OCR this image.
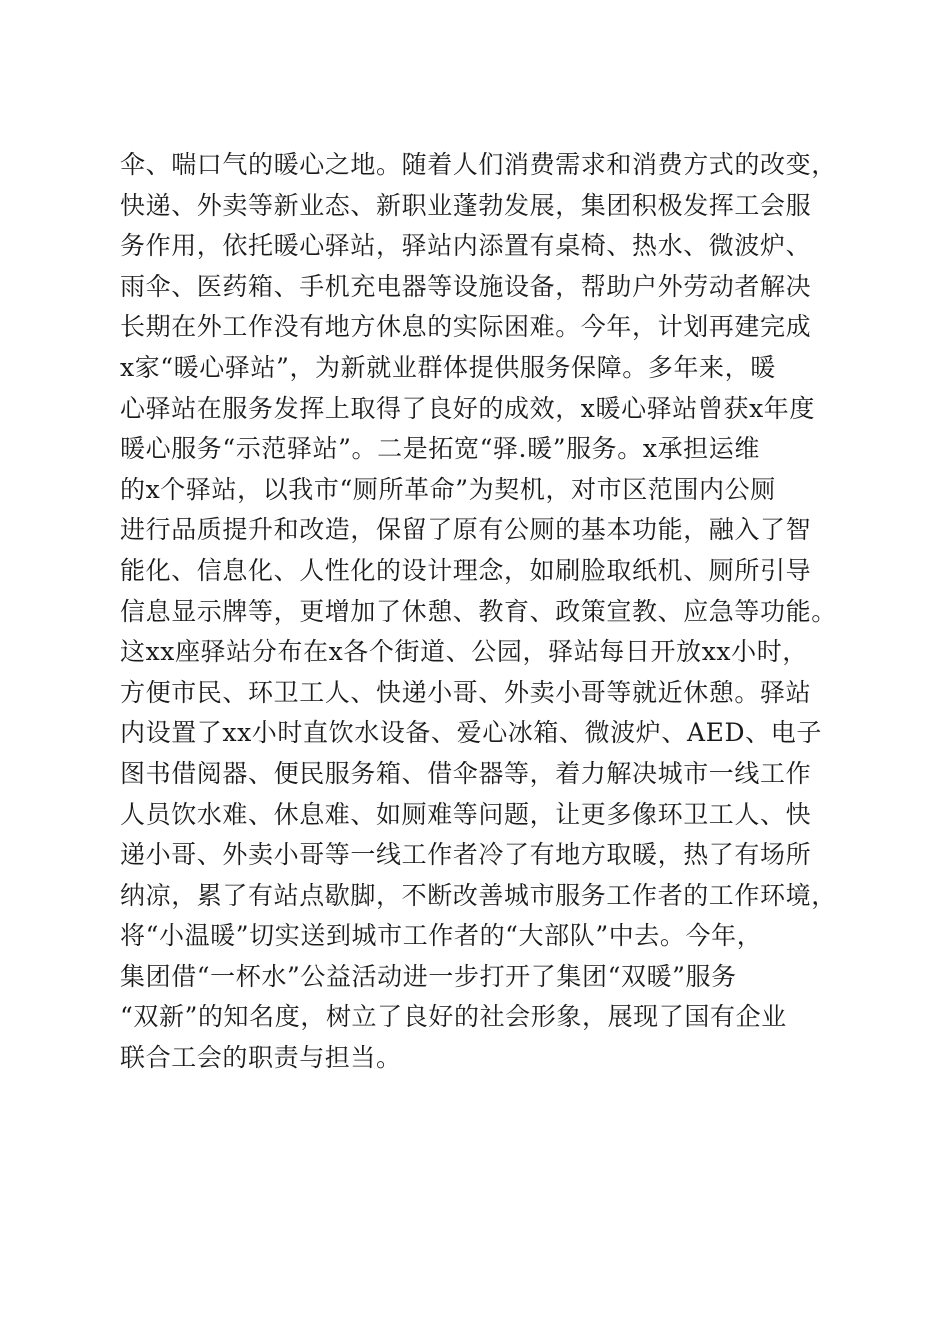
伞、喘口气的暖心之地。随着人们消费需求和消费方式的改变，
快递、外卖等新业态、新职业蓬勃发展，集团积极发挥工会服
务作用，依托暖心驿站，驿站内添置有桌椅、热水、微波炉、
雨伞、医药箱、手机充电器等设施设备，帮助户外劳动者解决
长期在外工作没有地方休息的实际困难。今年，计划再建完成
x家“暖心驿站”，为新就业群体提供服务保障。多年来，暖
心驿站在服务发挥上取得了良好的成效，x暖心驿站曾获x年度
暖心服务“示范驿站”。二是拓宽“驿.暖”服务。x承担运维
的x个驿站，以我市“厕所革命”为契机，对市区范围内公厕
进行品质提升和改造，保留了原有公厕的基本功能，融入了智
能化、信息化、人性化的设计理念，如刷脸取纸机、厕所引导
信息显示牌等，更增加了休憩、教育、政策宣教、应急等功能。
这xx座驿站分布在x各个街道、公园，驿站每日开放xx小时，
方便市民、环卫工人、快递小哥、外卖小哥等就近休憩。驿站
内设置了xx小时直饮水设备、爱心冰箱、微波炉、AED、电子
图书借阅器、便民服务箱、借伞器等，着力解决城市一线工作
人员饮水难、休息难、如厕难等问题，让更多像环卫工人、快
递小哥、外卖小哥等一线工作者冷了有地方取暖，热了有场所
纳凉，累了有站点歇脚，不断改善城市服务工作者的工作环境，
将“小温暖”切实送到城市工作者的“大部队”中去。今年，
集团借“一杯水”公益活动进一步打开了集团“双暖”服务
“双新”的知名度，树立了良好的社会形象，展现了国有企业
联合工会的职责与担当。
